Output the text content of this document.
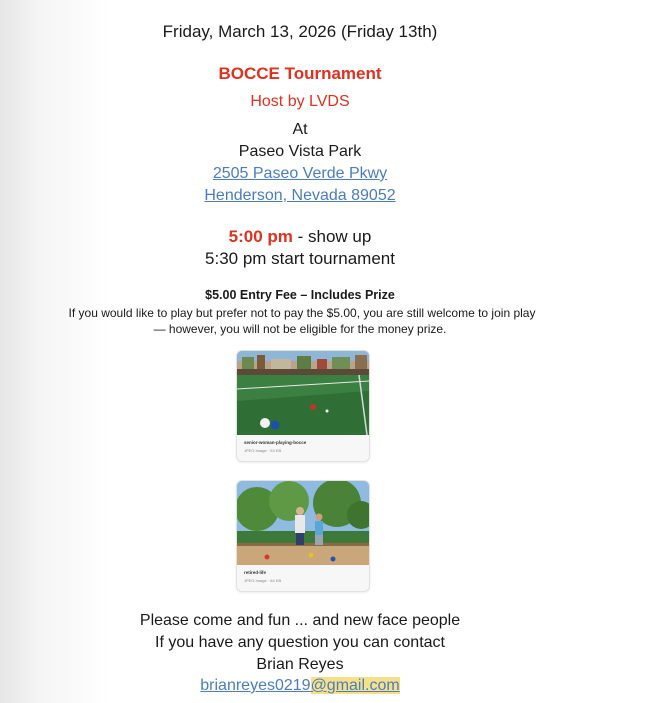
Friday, March 13, 2026 (Friday 13th)
BOCCE Tournament
Host by LVDS
At
Paseo Vista Park
2505 Paseo Verde Pkwy
Henderson, Nevada 89052
5:00 pm - show up
5:30 pm start tournament
$5.00 Entry Fee – Includes Prize
If you would like to play but prefer not to pay the $5.00, you are still welcome to join play
— however, you will not be eligible for the money prize.
senior-woman-playing-bocce
JPEG Image · 53 KB
retired-life
JPEG Image · 84 KB
Please come and fun ... and new face people
If you have any question you can contact
Brian Reyes
brianreyes0219@gmail.com
